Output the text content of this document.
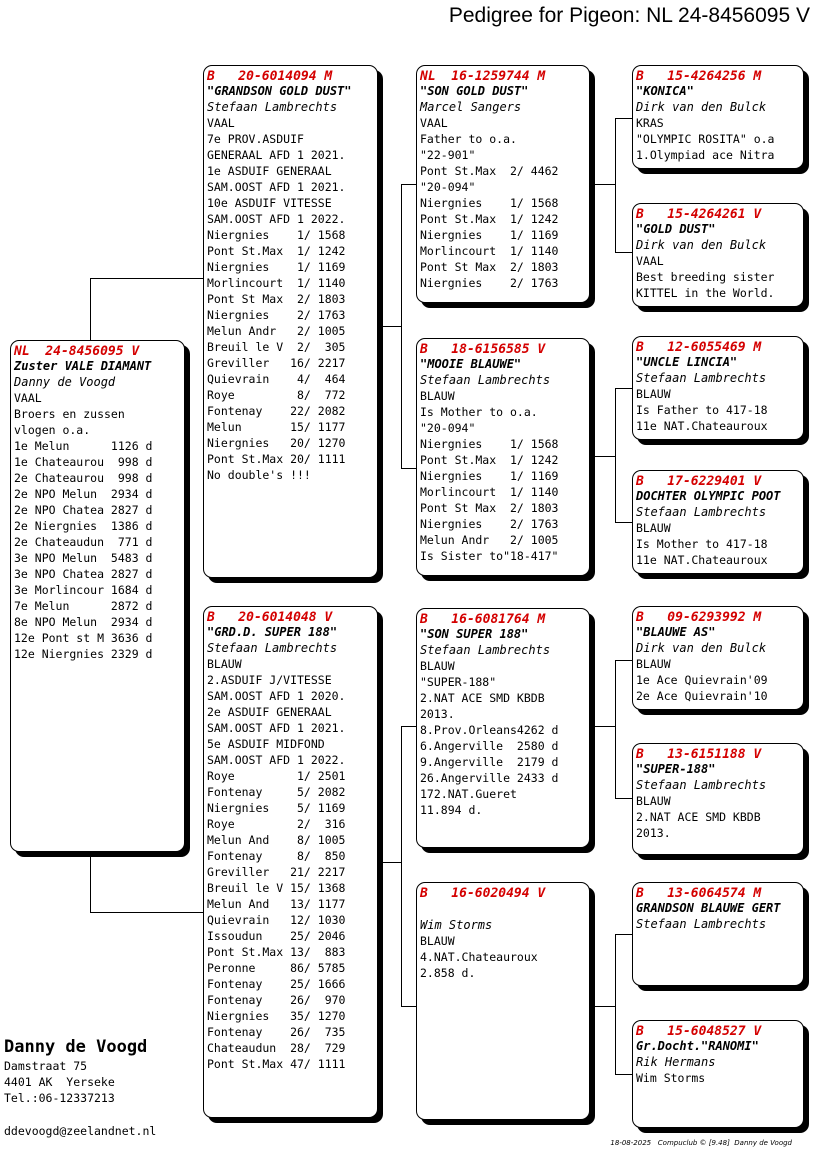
Pedigree for Pigeon: NL 24-8456095 V
NL  24-8456095 V
Zuster VALE DIAMANT
Danny de Voogd
VAAL
Broers en zussen
vlogen o.a.
1e Melun      1126 d
1e Chateaurou  998 d
2e Chateaurou  998 d
2e NPO Melun  2934 d
2e NPO Chatea 2827 d
2e Niergnies  1386 d
2e Chateaudun  771 d
3e NPO Melun  5483 d
3e NPO Chatea 2827 d
3e Morlincour 1684 d
7e Melun      2872 d
8e NPO Melun  2934 d
12e Pont st M 3636 d
12e Niergnies 2329 d
B   20-6014094 M
"GRANDSON GOLD DUST"
Stefaan Lambrechts
VAAL
7e PROV.ASDUIF
GENERAAL AFD 1 2021.
1e ASDUIF GENERAAL
SAM.OOST AFD 1 2021.
10e ASDUIF VITESSE
SAM.OOST AFD 1 2022.
Niergnies    1/ 1568
Pont St.Max  1/ 1242
Niergnies    1/ 1169
Morlincourt  1/ 1140
Pont St Max  2/ 1803
Niergnies    2/ 1763
Melun Andr   2/ 1005
Breuil le V  2/  305
Greviller   16/ 2217
Quievrain    4/  464
Roye         8/  772
Fontenay    22/ 2082
Melun       15/ 1177
Niergnies   20/ 1270
Pont St.Max 20/ 1111
No double's !!!
B   20-6014048 V
"GRD.D. SUPER 188"
Stefaan Lambrechts
BLAUW
2.ASDUIF J/VITESSE
SAM.OOST AFD 1 2020.
2e ASDUIF GENERAAL
SAM.OOST AFD 1 2021.
5e ASDUIF MIDFOND
SAM.OOST AFD 1 2022.
Roye         1/ 2501
Fontenay     5/ 2082
Niergnies    5/ 1169
Roye         2/  316
Melun And    8/ 1005
Fontenay     8/  850
Greviller   21/ 2217
Breuil le V 15/ 1368
Melun And   13/ 1177
Quievrain   12/ 1030
Issoudun    25/ 2046
Pont St.Max 13/  883
Peronne     86/ 5785
Fontenay    25/ 1666
Fontenay    26/  970
Niergnies   35/ 1270
Fontenay    26/  735
Chateaudun  28/  729
Pont St.Max 47/ 1111
NL  16-1259744 M
"SON GOLD DUST"
Marcel Sangers
VAAL
Father to o.a.
"22-901"
Pont St.Max  2/ 4462
"20-094"
Niergnies    1/ 1568
Pont St.Max  1/ 1242
Niergnies    1/ 1169
Morlincourt  1/ 1140
Pont St Max  2/ 1803
Niergnies    2/ 1763
B   18-6156585 V
"MOOIE BLAUWE"
Stefaan Lambrechts
BLAUW
Is Mother to o.a.
"20-094"
Niergnies    1/ 1568
Pont St.Max  1/ 1242
Niergnies    1/ 1169
Morlincourt  1/ 1140
Pont St Max  2/ 1803
Niergnies    2/ 1763
Melun Andr   2/ 1005
Is Sister to"18-417"
B   16-6081764 M
"SON SUPER 188"
Stefaan Lambrechts
BLAUW
"SUPER-188"
2.NAT ACE SMD KBDB
2013.
8.Prov.Orleans4262 d
6.Angerville  2580 d
9.Angerville  2179 d
26.Angerville 2433 d
172.NAT.Gueret
11.894 d.
B   16-6020494 V
Wim Storms
BLAUW
4.NAT.Chateauroux
2.858 d.
B   15-4264256 M
"KONICA"
Dirk van den Bulck
KRAS
"OLYMPIC ROSITA" o.a
1.Olympiad ace Nitra
B   15-4264261 V
"GOLD DUST"
Dirk van den Bulck
VAAL
Best breeding sister
KITTEL in the World.
B   12-6055469 M
"UNCLE LINCIA"
Stefaan Lambrechts
BLAUW
Is Father to 417-18
11e NAT.Chateauroux
B   17-6229401 V
DOCHTER OLYMPIC POOT
Stefaan Lambrechts
BLAUW
Is Mother to 417-18
11e NAT.Chateauroux
B   09-6293992 M
"BLAUWE AS"
Dirk van den Bulck
BLAUW
1e Ace Quievrain'09
2e Ace Quievrain'10
B   13-6151188 V
"SUPER-188"
Stefaan Lambrechts
BLAUW
2.NAT ACE SMD KBDB
2013.
B   13-6064574 M
GRANDSON BLAUWE GERT
Stefaan Lambrechts
B   15-6048527 V
Gr.Docht."RANOMI"
Rik Hermans
Wim Storms
Danny de Voogd
Damstraat 75
4401 AK  Yerseke
Tel.:06-12337213
ddevoogd@zeelandnet.nl
18-08-2025   Compuclub © [9.48]  Danny de Voogd
